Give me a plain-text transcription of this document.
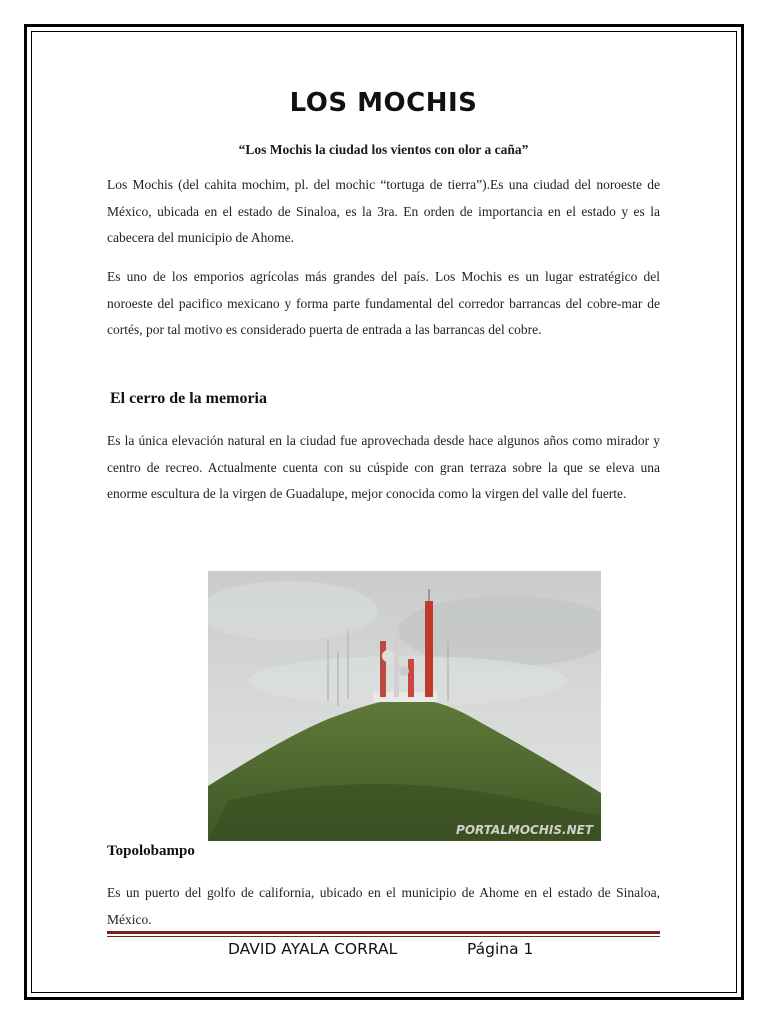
LOS MOCHIS

“Los Mochis la ciudad los vientos con olor a caña”

Los Mochis (del cahita mochim, pl. del mochic “tortuga de tierra”).Es una ciudad del noroeste de México, ubicada en el estado de Sinaloa, es la 3ra. En orden de importancia en el estado y es la cabecera del municipio de Ahome.

Es uno de los emporios agrícolas más grandes del país. Los Mochis es un lugar estratégico del noroeste del pacifico mexicano y forma parte fundamental del corredor barrancas del cobre-mar de cortés, por tal motivo es considerado puerta de entrada a las barrancas del cobre.

El cerro de la memoria

Es la única elevación natural en la ciudad fue aprovechada desde hace algunos años como mirador y centro de recreo. Actualmente cuenta con su cúspide con gran terraza sobre la que se eleva una enorme escultura de la virgen de Guadalupe, mejor conocida como la virgen del valle del fuerte.

PORTALMOCHIS.NET
Topolobampo

Es un puerto del golfo de california, ubicado en el municipio de Ahome en el estado de Sinaloa, México.

DAVID AYALA CORRAL	Página 1
